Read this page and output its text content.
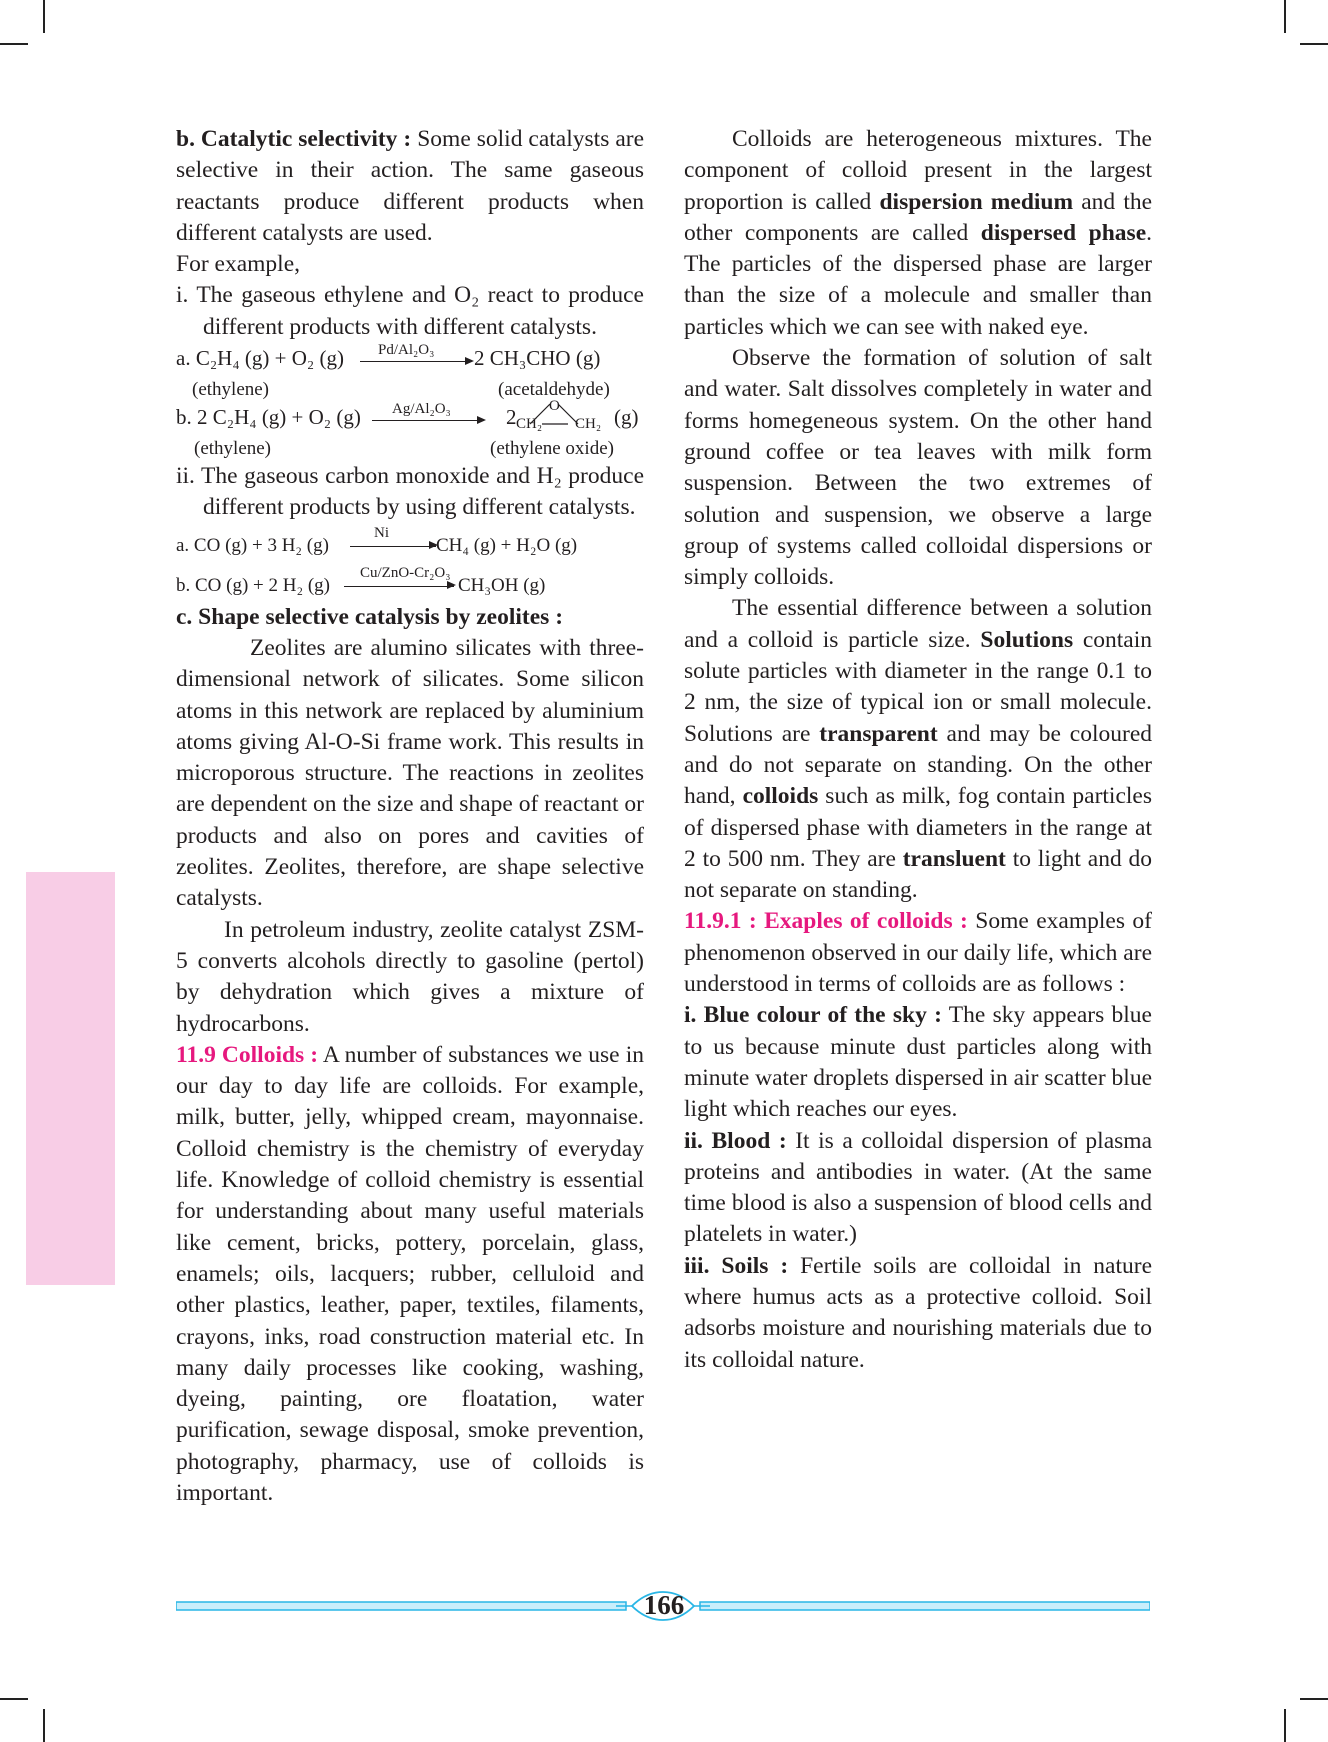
b. Catalytic selectivity : Some solid catalysts are selective in their action. The same gaseous reactants produce different products when different catalysts are used.

For example,

i. The gaseous ethylene and O₂ react to produce different products with different catalysts.

a. C₂H₄ (g) + O₂ (g) Pd/Al₂O₃ 2 CH₃CHO (g)
(ethylene)	(acetaldehyde)
b. 2 C₂H₄ (g) + O₂ (g) Ag/Al₂O₃	2 O
CH₂ CH₂ (g)
(ethylene)	(ethylene oxide)

ii. The gaseous carbon monoxide and H₂ produce different products by using different catalysts.

a. CO (g) + 3 H₂ (g)
Ni
CH₄ (g) + H₂O (g)
b. CO (g) + 2 H₂ (g)
Cu/ZnO-Cr₂O₃
CH₃OH (g)

c. Shape selective catalysis by zeolites :

Zeolites are alumino silicates with three-dimensional network of silicates. Some silicon atoms in this network are replaced by aluminium atoms giving Al-O-Si frame work. This results in microporous structure. The reactions in zeolites are dependent on the size and shape of reactant or products and also on pores and cavities of zeolites. Zeolites, therefore, are shape selective catalysts.

In petroleum industry, zeolite catalyst ZSM-5 converts alcohols directly to gasoline (pertol) by dehydration which gives a mixture of hydrocarbons.

11.9 Colloids : A number of substances we use in our day to day life are colloids. For example, milk, butter, jelly, whipped cream, mayonnaise. Colloid chemistry is the chemistry of everyday life. Knowledge of colloid chemistry is essential for understanding about many useful materials like cement, bricks, pottery, porcelain, glass, enamels; oils, lacquers; rubber, celluloid and other plastics, leather, paper, textiles, filaments, crayons, inks, road construction material etc. In many daily processes like cooking, washing, dyeing, painting, ore floatation, water purification, sewage disposal, smoke prevention, photography, pharmacy, use of colloids is important.

Colloids are heterogeneous mixtures. The component of colloid present in the largest proportion is called dispersion medium and the other components are called dispersed phase. The particles of the dispersed phase are larger than the size of a molecule and smaller than particles which we can see with naked eye.

Observe the formation of solution of salt and water. Salt dissolves completely in water and forms homegeneous system. On the other hand ground coffee or tea leaves with milk form suspension. Between the two extremes of solution and suspension, we observe a large group of systems called colloidal dispersions or simply colloids.

The essential difference between a solution and a colloid is particle size. Solutions contain solute particles with diameter in the range 0.1 to 2 nm, the size of typical ion or small molecule. Solutions are transparent and may be coloured and do not separate on standing. On the other hand, colloids such as milk, fog contain particles of dispersed phase with diameters in the range at 2 to 500 nm. They are transluent to light and do not separate on standing.

11.9.1 : Exaples of colloids : Some examples of phenomenon observed in our daily life, which are understood in terms of colloids are as follows :

i. Blue colour of the sky : The sky appears blue to us because minute dust particles along with minute water droplets dispersed in air scatter blue light which reaches our eyes.

ii. Blood : It is a colloidal dispersion of plasma proteins and antibodies in water. (At the same time blood is also a suspension of blood cells and platelets in water.)

iii. Soils : Fertile soils are colloidal in nature where humus acts as a protective colloid. Soil adsorbs moisture and nourishing materials due to its colloidal nature.

166
